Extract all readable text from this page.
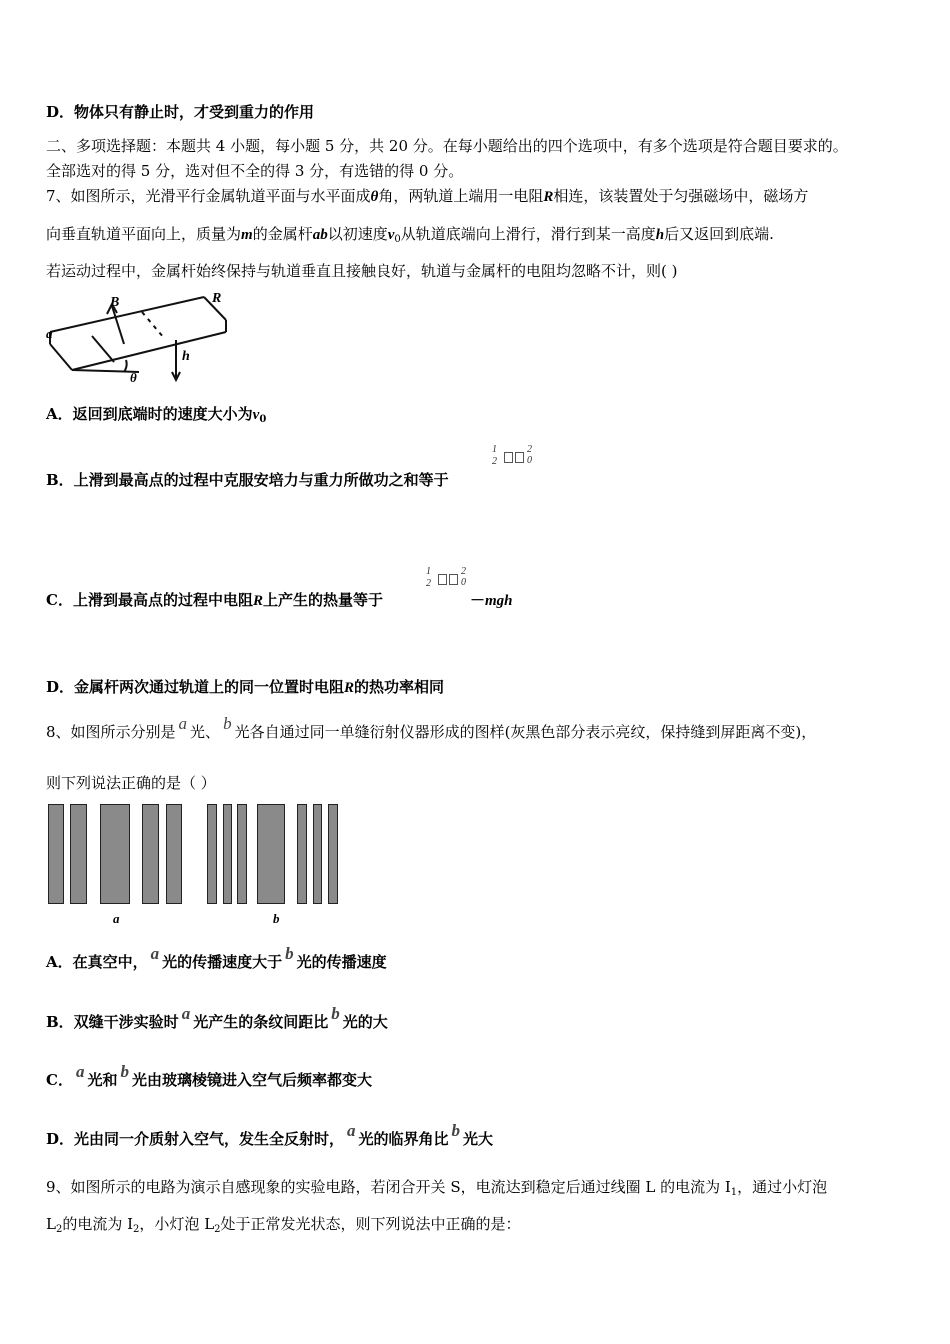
D．物体只有静止时，才受到重力的作用
二、多项选择题：本题共 4 小题，每小题 5 分，共 20 分。在每小题给出的四个选项中，有多个选项是符合题目要求的。
全部选对的得 5 分，选对但不全的得 3 分，有选错的得 0 分。
7、如图所示，光滑平行金属轨道平面与水平面成θ角，两轨道上端用一电阻R相连，该装置处于匀强磁场中，磁场方
向垂直轨道平面向上，质量为m的金属杆ab以初速度$v_0$从轨道底端向上滑行，滑行到某一高度h后又返回到底端.
若运动过程中，金属杆始终保持与轨道垂直且接触良好，轨道与金属杆的电阻均忽略不计，则( )
B	R
a
θ
h
A．返回到底端时的速度大小为$v_0$
B．上滑到最高点的过程中克服安培力与重力所做功之和等于
1
2
2
0
C．上滑到最高点的过程中电阻R上产生的热量等于
1
2
2
0
－mgh
D．金属杆两次通过轨道上的同一位置时电阻R的热功率相同
8、如图所示分别是 a 光、 b 光各自通过同一单缝衍射仪器形成的图样(灰黑色部分表示亮纹，保持缝到屏距离不变)，
则下列说法正确的是（ ）
a	b
A．在真空中， a 光的传播速度大于 b 光的传播速度
B．双缝干涉实验时 a 光产生的条纹间距比 b 光的大
C． a 光和 b 光由玻璃棱镜进入空气后频率都变大
D．光由同一介质射入空气，发生全反射时， a 光的临界角比 b 光大
9、如图所示的电路为演示自感现象的实验电路，若闭合开关 S，电流达到稳定后通过线圈 L 的电流为 $I_1$，通过小灯泡
$L_2$的电流为 $I_2$，小灯泡 $L_2$处于正常发光状态，则下列说法中正确的是：
